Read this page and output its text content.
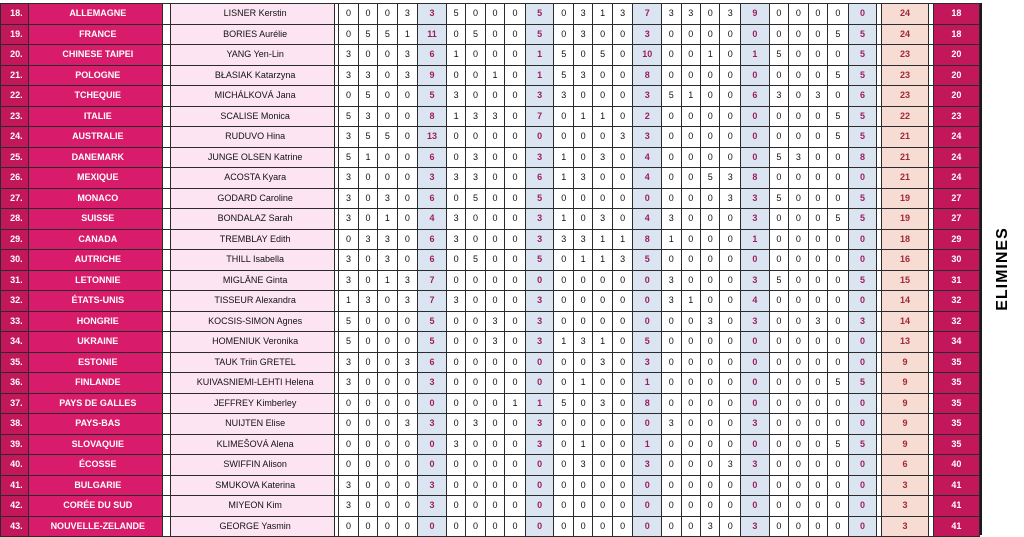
18.	ALLEMAGNE		LISNER Kerstin		0	0	0	3	3	5	0	0	0	5	0	3	1	3	7	3	3	0	3	9	0	0	0	0	0		24		18
19.	FRANCE		BORIES Aurélie		0	5	5	1	11	0	5	0	0	5	0	3	0	0	3	0	0	0	0	0	0	0	0	5	5		24		18
20.	CHINESE TAIPEI		YANG Yen-Lin		3	0	0	3	6	1	0	0	0	1	5	0	5	0	10	0	0	1	0	1	5	0	0	0	5		23		20
21.	POLOGNE		BŁASIAK Katarzyna		3	3	0	3	9	0	0	1	0	1	5	3	0	0	8	0	0	0	0	0	0	0	0	5	5		23		20
22.	TCHEQUIE		MICHÁLKOVÁ Jana		0	5	0	0	5	3	0	0	0	3	3	0	0	0	3	5	1	0	0	6	3	0	3	0	6		23		20
23.	ITALIE		SCALISE Monica		5	3	0	0	8	1	3	3	0	7	0	1	1	0	2	0	0	0	0	0	0	0	0	5	5		22		23
24.	AUSTRALIE		RUDUVO Hina		3	5	5	0	13	0	0	0	0	0	0	0	0	3	3	0	0	0	0	0	0	0	0	5	5		21		24
25.	DANEMARK		JUNGE OLSEN Katrine		5	1	0	0	6	0	3	0	0	3	1	0	3	0	4	0	0	0	0	0	5	3	0	0	8		21		24
26.	MEXIQUE		ACOSTA Kyara		3	0	0	0	3	3	3	0	0	6	1	3	0	0	4	0	0	5	3	8	0	0	0	0	0		21		24
27.	MONACO		GODARD Caroline		3	0	3	0	6	0	5	0	0	5	0	0	0	0	0	0	0	0	3	3	5	0	0	0	5		19		27
28.	SUISSE		BONDALAZ Sarah		3	0	1	0	4	3	0	0	0	3	1	0	3	0	4	3	0	0	0	3	0	0	0	5	5		19		27
29.	CANADA		TREMBLAY Edith		0	3	3	0	6	3	0	0	0	3	3	3	1	1	8	1	0	0	0	1	0	0	0	0	0		18		29
30.	AUTRICHE		THILL Isabella		3	0	3	0	6	0	5	0	0	5	0	1	1	3	5	0	0	0	0	0	0	0	0	0	0		16		30
31.	LETONNIE		MIGLĀNE Ginta		3	0	1	3	7	0	0	0	0	0	0	0	0	0	0	3	0	0	0	3	5	0	0	0	5		15		31
32.	ÉTATS-UNIS		TISSEUR Alexandra		1	3	0	3	7	3	0	0	0	3	0	0	0	0	0	3	1	0	0	4	0	0	0	0	0		14		32
33.	HONGRIE		KOCSIS-SIMON Agnes		5	0	0	0	5	0	0	3	0	3	0	0	0	0	0	0	0	3	0	3	0	0	3	0	3		14		32
34.	UKRAINE		HOMENIUK Veronika		5	0	0	0	5	0	0	3	0	3	1	3	1	0	5	0	0	0	0	0	0	0	0	0	0		13		34
35.	ESTONIE		TAUK Triin GRETEL		3	0	0	3	6	0	0	0	0	0	0	0	3	0	3	0	0	0	0	0	0	0	0	0	0		9		35
36.	FINLANDE		KUIVASNIEMI-LEHTI Helena		3	0	0	0	3	0	0	0	0	0	0	1	0	0	1	0	0	0	0	0	0	0	0	5	5		9		35
37.	PAYS DE GALLES		JEFFREY Kimberley		0	0	0	0	0	0	0	0	1	1	5	0	3	0	8	0	0	0	0	0	0	0	0	0	0		9		35
38.	PAYS-BAS		NUIJTEN Elise		0	0	0	3	3	0	3	0	0	3	0	0	0	0	0	3	0	0	0	3	0	0	0	0	0		9		35
39.	SLOVAQUIE		KLIMEŠOVÁ Alena		0	0	0	0	0	3	0	0	0	3	0	1	0	0	1	0	0	0	0	0	0	0	0	5	5		9		35
40.	ÉCOSSE		SWIFFIN Alison		0	0	0	0	0	0	0	0	0	0	0	3	0	0	3	0	0	0	3	3	0	0	0	0	0		6		40
41.	BULGARIE		SMUKOVA Katerina		3	0	0	0	3	0	0	0	0	0	0	0	0	0	0	0	0	0	0	0	0	0	0	0	0		3		41
42.	CORÉE DU SUD		MIYEON Kim		3	0	0	0	3	0	0	0	0	0	0	0	0	0	0	0	0	0	0	0	0	0	0	0	0		3		41
43.	NOUVELLE-ZELANDE		GEORGE Yasmin		0	0	0	0	0	0	0	0	0	0	0	0	0	0	0	0	0	3	0	3	0	0	0	0	0		3		41
ELIMINES
